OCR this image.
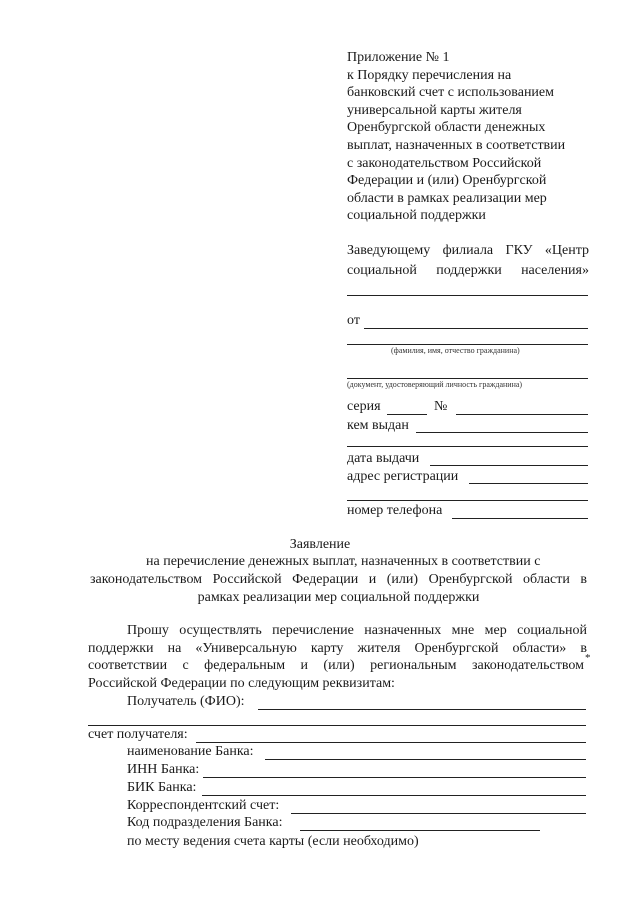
Приложение № 1
к Порядку перечисления на
банковский счет с использованием
универсальной карты жителя
Оренбургской области денежных
выплат, назначенных в соответствии
с законодательством Российской
Федерации и (или) Оренбургской
области в рамках реализации мер
социальной поддержки
Заведующему филиала ГКУ «Центр
социальной поддержки населения»
от
(фамилия, имя, отчество гражданина)
(документ, удостоверяющий личность гражданина)
серия	№
кем выдан
дата выдачи
адрес регистрации
номер телефона
Заявление
на перечисление денежных выплат, назначенных в соответствии с
законодательством Российской Федерации и (или) Оренбургской области в
рамках реализации мер социальной поддержки
Прошу осуществлять перечисление назначенных мне мер социальной
поддержки на «Универсальную карту жителя Оренбургской области» в
соответствии с федеральным и (или) региональным законодательством *
Российской Федерации по следующим реквизитам:
Получатель (ФИО):
счет получателя:
наименование Банка:
ИНН Банка:
БИК Банка:
Корреспондентский счет:
Код подразделения Банка:
по месту ведения счета карты (если необходимо)
